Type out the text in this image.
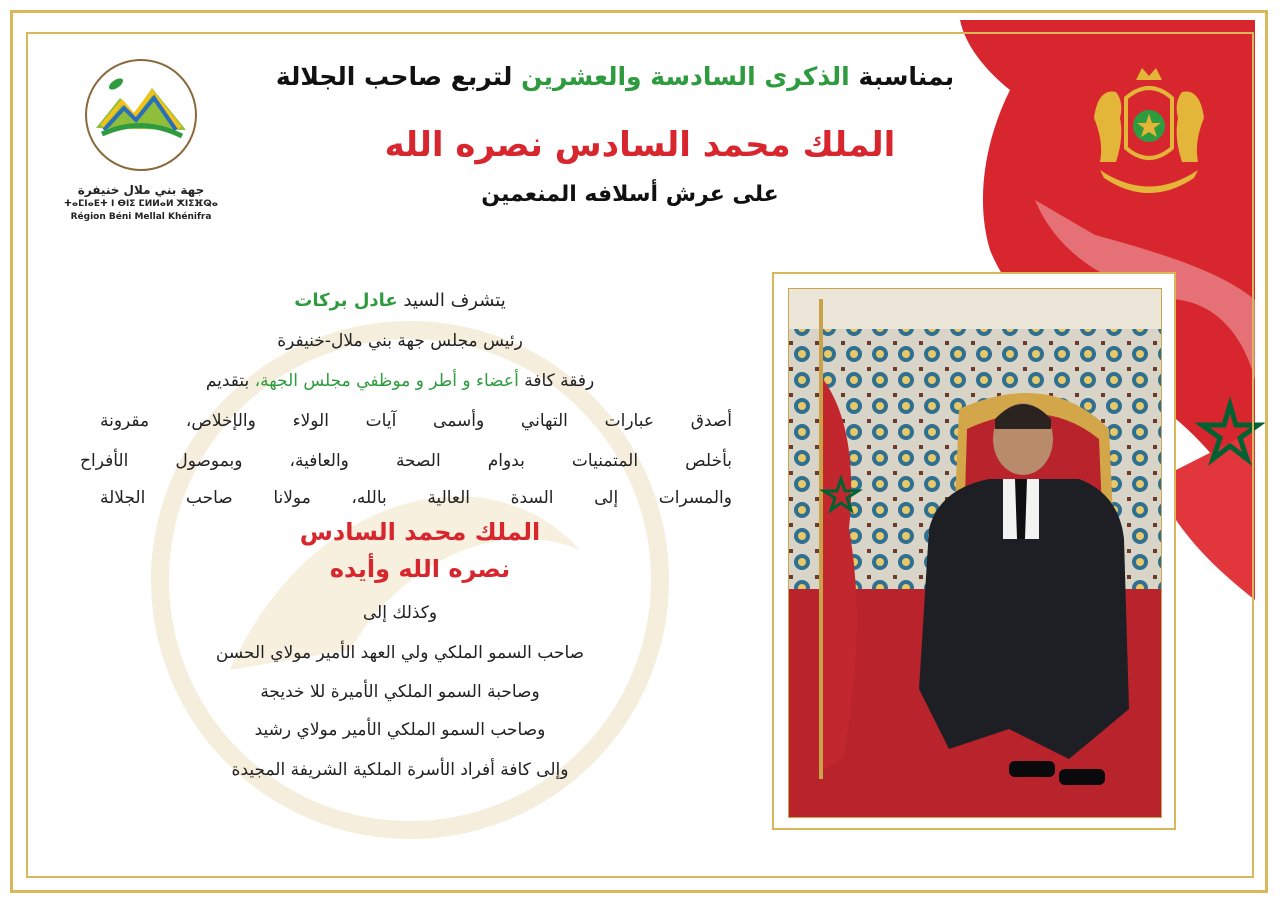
جهة بني ملال خنيفرة
ⵜⴰⵎⵏⴰⴹⵜ ⵏ ⴱⵏⵉ ⵎⵍⵍⴰⵍ ⵅⵏⵉⴼⵕⴰ
Région Béni Mellal Khénifra
بمناسبة الذكرى السادسة والعشرين لتربع صاحب الجلالة
الملك محمد السادس نصره الله
على عرش أسلافه المنعمين
يتشرف السيد عادل بركات
رئيس مجلس جهة بني ملال-خنيفرة
رفقة كافة أعضاء و أطر و موظفي مجلس الجهة، بتقديم
أصدق عبارات التهاني وأسمى آيات الولاء والإخلاص، مقرونة
بأخلص المتمنيات بدوام الصحة والعافية، وبموصول الأفراح
والمسرات إلى السدة العالية بالله، مولانا صاحب الجلالة
الملك محمد السادس
نصره الله وأيده
وكذلك إلى
صاحب السمو الملكي ولي العهد الأمير مولاي الحسن
وصاحبة السمو الملكي الأميرة للا خديجة
وصاحب السمو الملكي الأمير مولاي رشيد
وإلى كافة أفراد الأسرة الملكية الشريفة المجيدة
